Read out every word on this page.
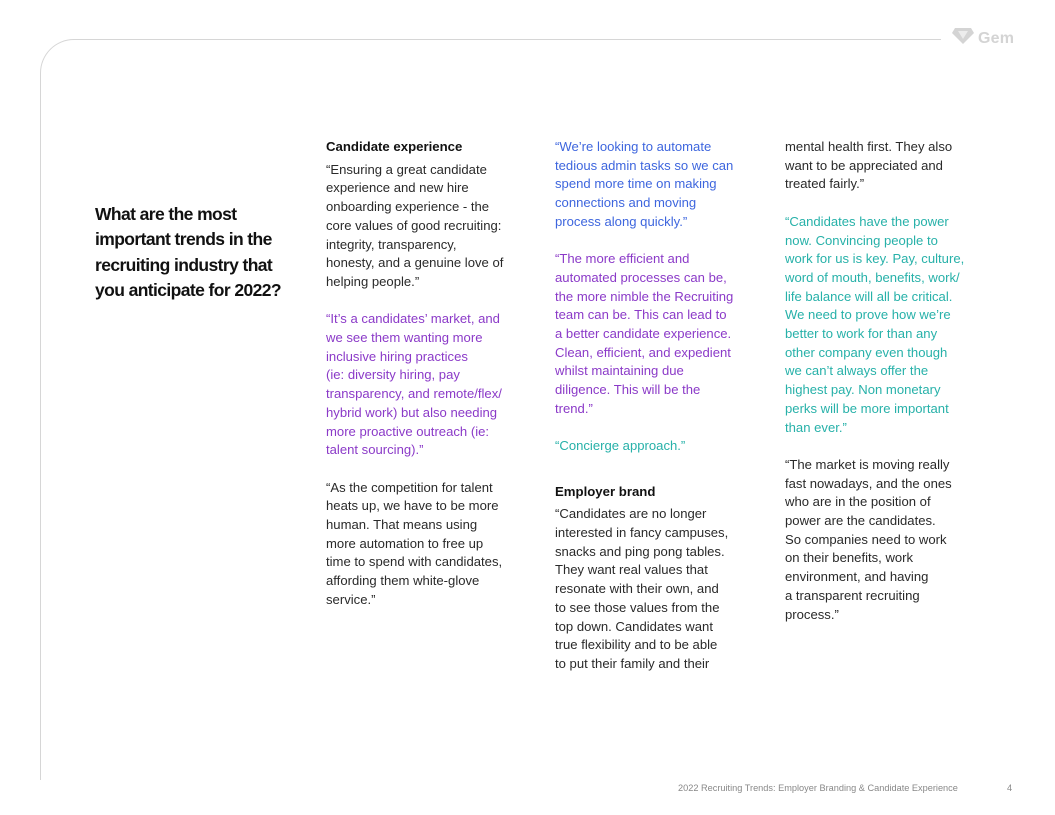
Gem
What are the most important trends in the recruiting industry that you anticipate for 2022?
Candidate experience
“Ensuring a great candidate
experience and new hire
onboarding experience - the
core values of good recruiting:
integrity, transparency,
honesty, and a genuine love of
helping people.”
“It’s a candidates’ market, and
we see them wanting more
inclusive hiring practices
(ie: diversity hiring, pay
transparency, and remote/flex/
hybrid work) but also needing
more proactive outreach (ie:
talent sourcing).”
“As the competition for talent
heats up, we have to be more
human. That means using
more automation to free up
time to spend with candidates,
affording them white-glove
service.”
“We’re looking to automate
tedious admin tasks so we can
spend more time on making
connections and moving
process along quickly.”
“The more efficient and
automated processes can be,
the more nimble the Recruiting
team can be. This can lead to
a better candidate experience.
Clean, efficient, and expedient
whilst maintaining due
diligence. This will be the
trend.”
“Concierge approach.”
Employer brand
“Candidates are no longer
interested in fancy campuses,
snacks and ping pong tables.
They want real values that
resonate with their own, and
to see those values from the
top down. Candidates want
true flexibility and to be able
to put their family and their
mental health first. They also
want to be appreciated and
treated fairly.”
“Candidates have the power
now. Convincing people to
work for us is key. Pay, culture,
word of mouth, benefits, work/
life balance will all be critical.
We need to prove how we’re
better to work for than any
other company even though
we can’t always offer the
highest pay. Non monetary
perks will be more important
than ever.”
“The market is moving really
fast nowadays, and the ones
who are in the position of
power are the candidates.
So companies need to work
on their benefits, work
environment, and having
a transparent recruiting
process.”
2022 Recruiting Trends: Employer Branding & Candidate Experience	4
